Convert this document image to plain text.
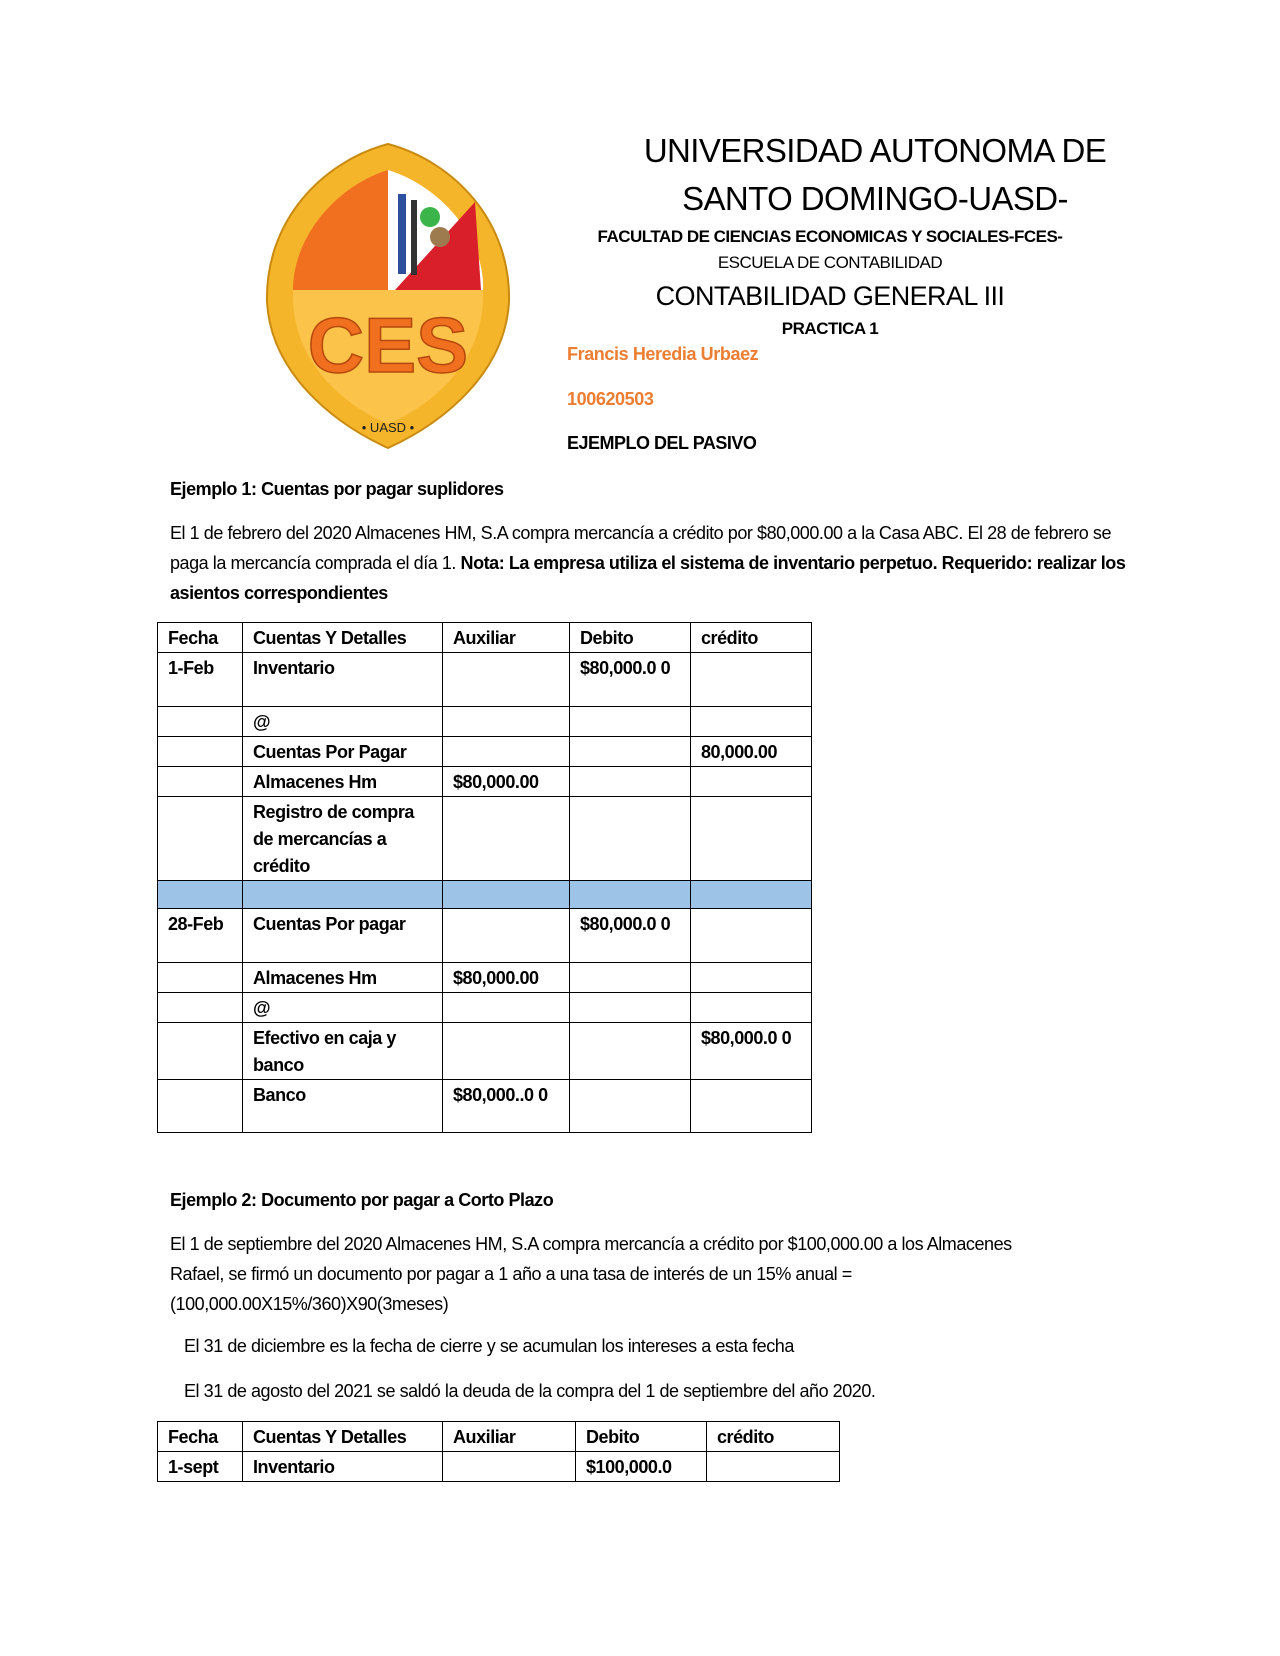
CES
• UASD •
UNIVERSIDAD AUTONOMA DE
SANTO DOMINGO-UASD-
FACULTAD DE CIENCIAS ECONOMICAS Y SOCIALES-FCES-
ESCUELA DE CONTABILIDAD
CONTABILIDAD GENERAL III
PRACTICA 1
Francis Heredia Urbaez
100620503
EJEMPLO DEL PASIVO
Ejemplo 1: Cuentas por pagar suplidores
El 1 de febrero del 2020 Almacenes HM, S.A compra mercancía a crédito por $80,000.00 a la Casa ABC. El 28 de febrero se paga la mercancía comprada el día 1. Nota: La empresa utiliza el sistema de inventario perpetuo. Requerido: realizar los asientos correspondientes
Fecha	Cuentas Y Detalles	Auxiliar	Debito	crédito
1-Feb	Inventario		$80,000.0 0	
	@			
	Cuentas Por Pagar			80,000.00
	Almacenes Hm	$80,000.00		
	Registro de compra de mercancías a crédito			

28-Feb	Cuentas Por pagar		$80,000.0 0	
	Almacenes Hm	$80,000.00		
	@			
	Efectivo en caja y banco			$80,000.0 0
	Banco	$80,000..0 0		
Ejemplo 2: Documento por pagar a Corto Plazo
El 1 de septiembre del 2020 Almacenes HM, S.A compra mercancía a crédito por $100,000.00 a los Almacenes Rafael, se firmó un documento por pagar a 1 año a una tasa de interés de un 15% anual =(100,000.00X15%/360)X90(3meses)
El 31 de diciembre es la fecha de cierre y se acumulan los intereses a esta fecha
El 31 de agosto del 2021 se saldó la deuda de la compra del 1 de septiembre del año 2020.
Fecha	Cuentas Y Detalles	Auxiliar	Debito	crédito
1-sept	Inventario		$100,000.0	
